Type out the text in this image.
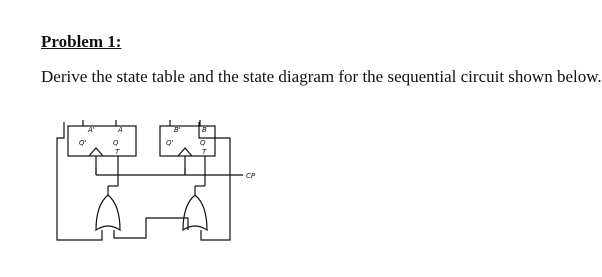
Problem 1:
Derive the state table and the state diagram for the sequential circuit shown below.
A'	A
Q'	Q
T
B'	B
Q'	Q
T
CP
